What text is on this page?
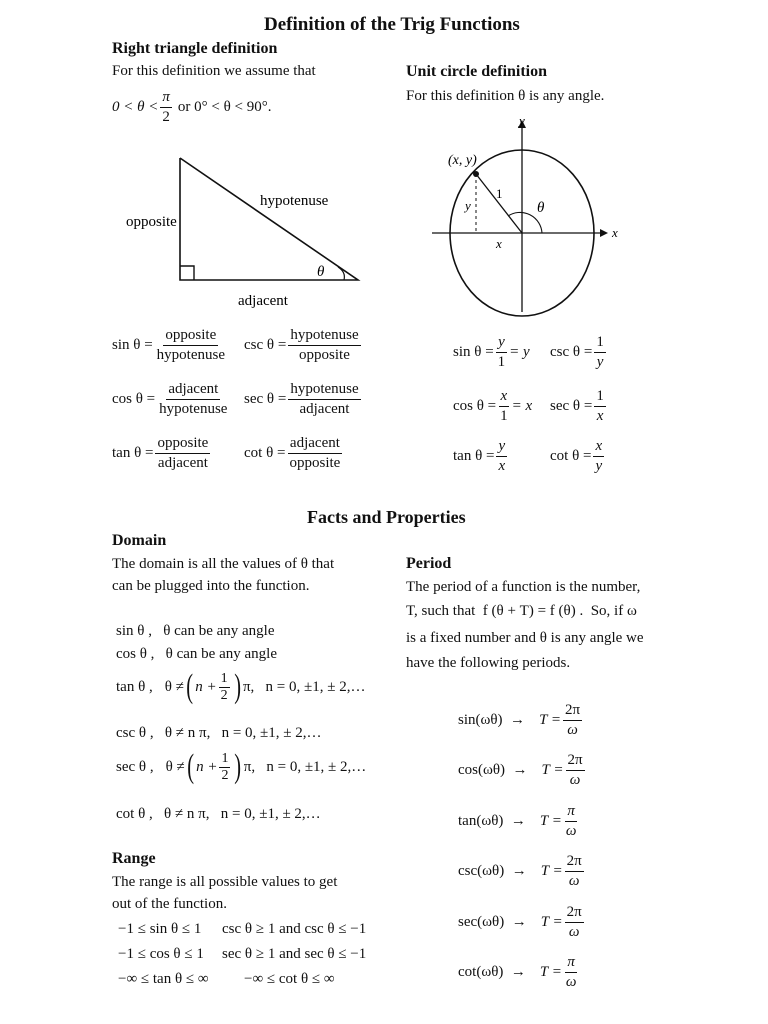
Definition of the Trig Functions
Right triangle definition
For this definition we assume that
$0 < \theta < \frac{\pi}{2}$ or 0° < θ < 90°.
opposite
hypotenuse
adjacent
θ
$\sin \theta = \frac{\text{opposite}}{\text{hypotenuse}}$ $\csc \theta = \frac{\text{hypotenuse}}{\text{opposite}}$
$\cos \theta = \frac{\text{adjacent}}{\text{hypotenuse}}$ $\sec \theta = \frac{\text{hypotenuse}}{\text{adjacent}}$
$\tan \theta = \frac{\text{opposite}}{\text{adjacent}}$ $\cot \theta = \frac{\text{adjacent}}{\text{opposite}}$
Unit circle definition
For this definition θ is any angle.
(x, y)
x
y
x
y
1
θ
$\sin \theta = \frac{y}{1} = y$ $\csc \theta = \frac{1}{y}$
$\cos \theta = \frac{x}{1} = x$ $\sec \theta = \frac{1}{x}$
$\tan \theta = \frac{y}{x}$	$\cot \theta = \frac{x}{y}$
Facts and Properties
Domain
The domain is all the values of θ that
can be plugged into the function.
sin θ ,   θ can be any angle
cos θ ,   θ can be any angle
tan θ , θ ≠ ( $n + \frac{1}{2}$ ) π,   n = 0, ±1, ± 2,…
csc θ ,   θ ≠ n π,   n = 0, ±1, ± 2,…
sec θ , θ ≠ ( $n + \frac{1}{2}$ ) π,   n = 0, ±1, ± 2,…
cot θ ,   θ ≠ n π,   n = 0, ±1, ± 2,…
Range
The range is all possible values to get
out of the function.
−1 ≤ sin θ ≤ 1 csc θ ≥ 1 and csc θ ≤ −1
−1 ≤ cos θ ≤ 1 sec θ ≥ 1 and sec θ ≤ −1
−∞ ≤ tan θ ≤ ∞ −∞ ≤ cot θ ≤ ∞
Period
The period of a function is the number,
T, such that  f (θ + T) = f (θ) .  So, if ω
is a fixed number and θ is any angle we
have the following periods.
$\sin(\omega\theta) \to T = \frac{2\pi}{\omega}$
$\cos(\omega\theta) \to T = \frac{2\pi}{\omega}$
$\tan(\omega\theta) \to T = \frac{\pi}{\omega}$
$\csc(\omega\theta) \to T = \frac{2\pi}{\omega}$
$\sec(\omega\theta) \to T = \frac{2\pi}{\omega}$
$\cot(\omega\theta) \to T = \frac{\pi}{\omega}$
